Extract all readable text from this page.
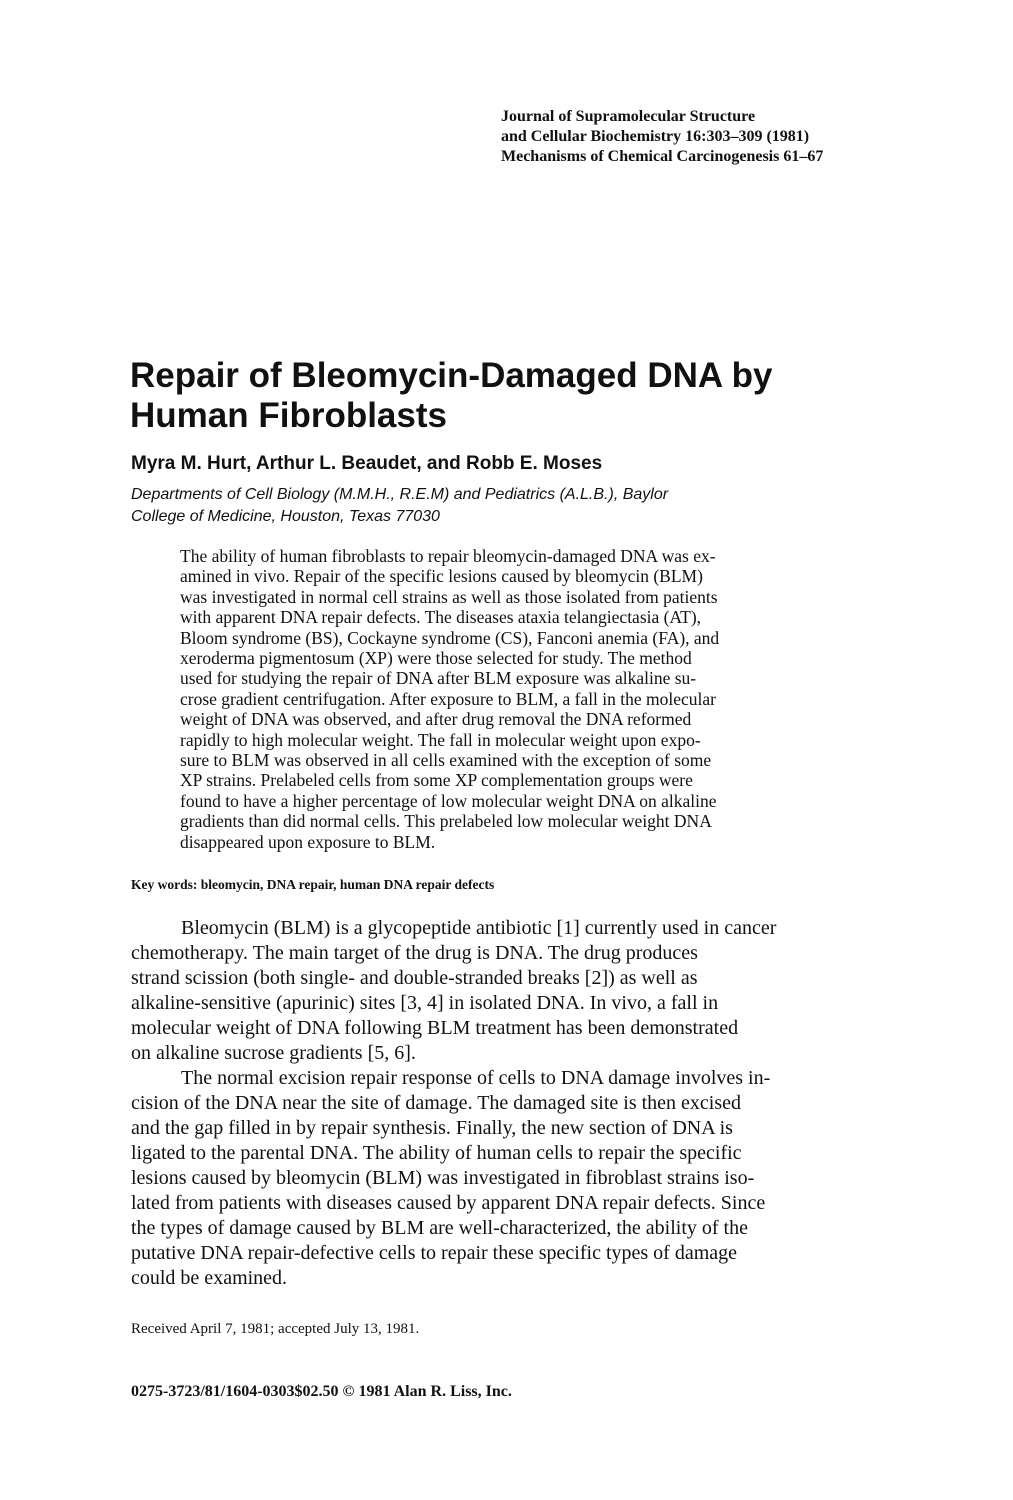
Journal of Supramolecular Structure
and Cellular Biochemistry 16:303–309 (1981)
Mechanisms of Chemical Carcinogenesis 61–67
Repair of Bleomycin-Damaged DNA by
Human Fibroblasts
Myra M. Hurt, Arthur L. Beaudet, and Robb E. Moses
Departments of Cell Biology (M.M.H., R.E.M) and Pediatrics (A.L.B.), Baylor
College of Medicine, Houston, Texas 77030
The ability of human fibroblasts to repair bleomycin-damaged DNA was ex-
amined in vivo. Repair of the specific lesions caused by bleomycin (BLM)
was investigated in normal cell strains as well as those isolated from patients
with apparent DNA repair defects. The diseases ataxia telangiectasia (AT),
Bloom syndrome (BS), Cockayne syndrome (CS), Fanconi anemia (FA), and
xeroderma pigmentosum (XP) were those selected for study. The method
used for studying the repair of DNA after BLM exposure was alkaline su-
crose gradient centrifugation. After exposure to BLM, a fall in the molecular
weight of DNA was observed, and after drug removal the DNA reformed
rapidly to high molecular weight. The fall in molecular weight upon expo-
sure to BLM was observed in all cells examined with the exception of some
XP strains. Prelabeled cells from some XP complementation groups were
found to have a higher percentage of low molecular weight DNA on alkaline
gradients than did normal cells. This prelabeled low molecular weight DNA
disappeared upon exposure to BLM.
Key words: bleomycin, DNA repair, human DNA repair defects
Bleomycin (BLM) is a glycopeptide antibiotic [1] currently used in cancer
chemotherapy. The main target of the drug is DNA. The drug produces
strand scission (both single- and double-stranded breaks [2]) as well as
alkaline-sensitive (apurinic) sites [3, 4] in isolated DNA. In vivo, a fall in
molecular weight of DNA following BLM treatment has been demonstrated
on alkaline sucrose gradients [5, 6].
The normal excision repair response of cells to DNA damage involves in-
cision of the DNA near the site of damage. The damaged site is then excised
and the gap filled in by repair synthesis. Finally, the new section of DNA is
ligated to the parental DNA. The ability of human cells to repair the specific
lesions caused by bleomycin (BLM) was investigated in fibroblast strains iso-
lated from patients with diseases caused by apparent DNA repair defects. Since
the types of damage caused by BLM are well-characterized, the ability of the
putative DNA repair-defective cells to repair these specific types of damage
could be examined.
Received April 7, 1981; accepted July 13, 1981.
0275-3723/81/1604-0303$02.50 © 1981 Alan R. Liss, Inc.
